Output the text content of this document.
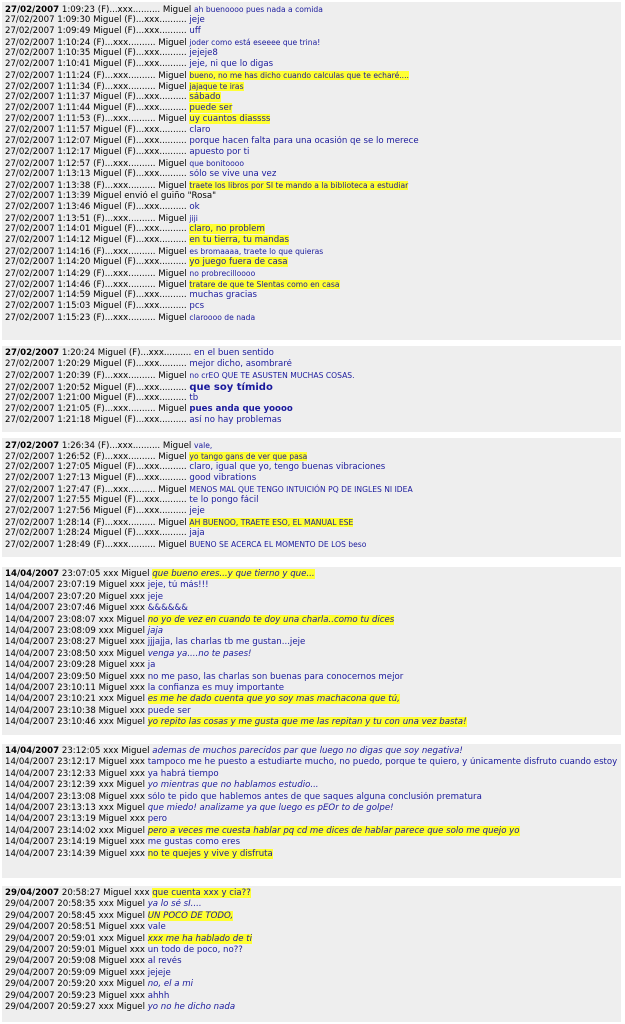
27/02/2007 1:09:23 (F)...xxx.......... Miguel ah buenoooo pues nada a comida
27/02/2007 1:09:30 Miguel (F)...xxx.......... jeje
27/02/2007 1:09:49 Miguel (F)...xxx.......... uff
27/02/2007 1:10:24 (F)...xxx.......... Miguel joder como está eseeee que trina!
27/02/2007 1:10:35 Miguel (F)...xxx.......... jejeje8
27/02/2007 1:10:41 Miguel (F)...xxx.......... jeje, ni que lo digas
27/02/2007 1:11:24 (F)...xxx.......... Miguel bueno, no me has dicho cuando calculas que te echaré....
27/02/2007 1:11:34 (F)...xxx.......... Miguel jajaque te iras
27/02/2007 1:11:37 Miguel (F)...xxx.......... sábado
27/02/2007 1:11:44 Miguel (F)...xxx.......... puede ser
27/02/2007 1:11:53 (F)...xxx.......... Miguel uy cuantos diassss
27/02/2007 1:11:57 Miguel (F)...xxx.......... claro
27/02/2007 1:12:07 Miguel (F)...xxx.......... porque hacen falta para una ocasión qe se lo merece
27/02/2007 1:12:17 Miguel (F)...xxx.......... apuesto por ti
27/02/2007 1:12:57 (F)...xxx.......... Miguel que bonitoooo
27/02/2007 1:13:13 Miguel (F)...xxx.......... sólo se vive una vez
27/02/2007 1:13:38 (F)...xxx.......... Miguel traete los libros por SI te mando a la biblioteca a estudiar
27/02/2007 1:13:39 Miguel envió el guiño "Rosa"
27/02/2007 1:13:46 Miguel (F)...xxx.......... ok
27/02/2007 1:13:51 (F)...xxx.......... Miguel jiji
27/02/2007 1:14:01 Miguel (F)...xxx.......... claro, no problem
27/02/2007 1:14:12 Miguel (F)...xxx.......... en tu tierra, tu mandas
27/02/2007 1:14:16 (F)...xxx.......... Miguel es bromaaaa, traete lo que quieras
27/02/2007 1:14:20 Miguel (F)...xxx.......... yo juego fuera de casa
27/02/2007 1:14:29 (F)...xxx.......... Miguel no probrecilloooo
27/02/2007 1:14:46 (F)...xxx.......... Miguel tratare de que te Slentas como en casa
27/02/2007 1:14:59 Miguel (F)...xxx.......... muchas gracias
27/02/2007 1:15:03 Miguel (F)...xxx.......... pcs
27/02/2007 1:15:23 (F)...xxx.......... Miguel claroooo de nada
27/02/2007 1:20:24 Miguel (F)...xxx.......... en el buen sentido
27/02/2007 1:20:29 Miguel (F)...xxx.......... mejor dicho, asombraré
27/02/2007 1:20:39 (F)...xxx.......... Miguel no crEO QUE TE ASUSTEN MUCHAS COSAS.
27/02/2007 1:20:52 Miguel (F)...xxx.......... que soy tímido
27/02/2007 1:21:00 Miguel (F)...xxx.......... tb
27/02/2007 1:21:05 (F)...xxx.......... Miguel pues anda que yoooo
27/02/2007 1:21:18 Miguel (F)...xxx.......... así no hay problemas
27/02/2007 1:26:34 (F)...xxx.......... Miguel vale,
27/02/2007 1:26:52 (F)...xxx.......... Miguel yo tango gans de ver que pasa
27/02/2007 1:27:05 Miguel (F)...xxx.......... claro, igual que yo, tengo buenas vibraciones
27/02/2007 1:27:13 Miguel (F)...xxx.......... good vibrations
27/02/2007 1:27:47 (F)...xxx.......... Miguel MENOS MAL QUE TENGO INTUICIÓN PQ DE INGLES NI IDEA
27/02/2007 1:27:55 Miguel (F)...xxx.......... te lo pongo fácil
27/02/2007 1:27:56 Miguel (F)...xxx.......... jeje
27/02/2007 1:28:14 (F)...xxx.......... Miguel AH BUENOO, TRAETE ESO, EL MANUAL ESE
27/02/2007 1:28:24 Miguel (F)...xxx.......... jaja
27/02/2007 1:28:49 (F)...xxx.......... Miguel BUENO SE ACERCA EL MOMENTO DE LOS beso
14/04/2007 23:07:05 xxx Miguel que bueno eres...y que tierno y que...
14/04/2007 23:07:19 Miguel xxx jeje, tú más!!!
14/04/2007 23:07:20 Miguel xxx jeje
14/04/2007 23:07:46 Miguel xxx &&&&&&
14/04/2007 23:08:07 xxx Miguel no yo de vez en cuando te doy una charla..como tu dices
14/04/2007 23:08:09 xxx Miguel jaja
14/04/2007 23:08:27 Miguel xxx jjjajja, las charlas tb me gustan...jeje
14/04/2007 23:08:50 xxx Miguel venga ya....no te pases!
14/04/2007 23:09:28 Miguel xxx ja
14/04/2007 23:09:50 Miguel xxx no me paso, las charlas son buenas para conocernos mejor
14/04/2007 23:10:11 Miguel xxx la confianza es muy importante
14/04/2007 23:10:21 xxx Miguel es me he dado cuenta que yo soy mas machacona que tú,
14/04/2007 23:10:38 Miguel xxx puede ser
14/04/2007 23:10:46 xxx Miguel yo repito las cosas y me gusta que me las repitan y tu con una vez basta!
14/04/2007 23:12:05 xxx Miguel ademas de muchos parecidos par que luego no digas que soy negativa!
14/04/2007 23:12:17 Miguel xxx tampoco me he puesto a estudiarte mucho, no puedo, porque te quiero, y únicamente disfruto cuando estoy
14/04/2007 23:12:33 Miguel xxx ya habrá tiempo
14/04/2007 23:12:39 xxx Miguel yo mientras que no hablamos estudio...
14/04/2007 23:13:08 Miguel xxx sólo te pido que hablemos antes de que saques alguna conclusión prematura
14/04/2007 23:13:13 xxx Miguel que miedo! analizame ya que luego es pEOr to de golpe!
14/04/2007 23:13:19 Miguel xxx pero
14/04/2007 23:14:02 xxx Miguel pero a veces me cuesta hablar pq cd me dices de hablar parece que solo me quejo yo
14/04/2007 23:14:19 Miguel xxx me gustas como eres
14/04/2007 23:14:39 Miguel xxx no te quejes y vive y disfruta
29/04/2007 20:58:27 Miguel xxx que cuenta xxx y cia??
29/04/2007 20:58:35 xxx Miguel ya lo sé sI....
29/04/2007 20:58:45 xxx Miguel UN POCO DE TODO,
29/04/2007 20:58:51 Miguel xxx vale
29/04/2007 20:59:01 xxx Miguel xxx me ha hablado de ti
29/04/2007 20:59:01 Miguel xxx un todo de poco, no??
29/04/2007 20:59:08 Miguel xxx al revés
29/04/2007 20:59:09 Miguel xxx jejeje
29/04/2007 20:59:20 xxx Miguel no, el a mi
29/04/2007 20:59:23 Miguel xxx ahhh
29/04/2007 20:59:27 xxx Miguel yo no he dicho nada
